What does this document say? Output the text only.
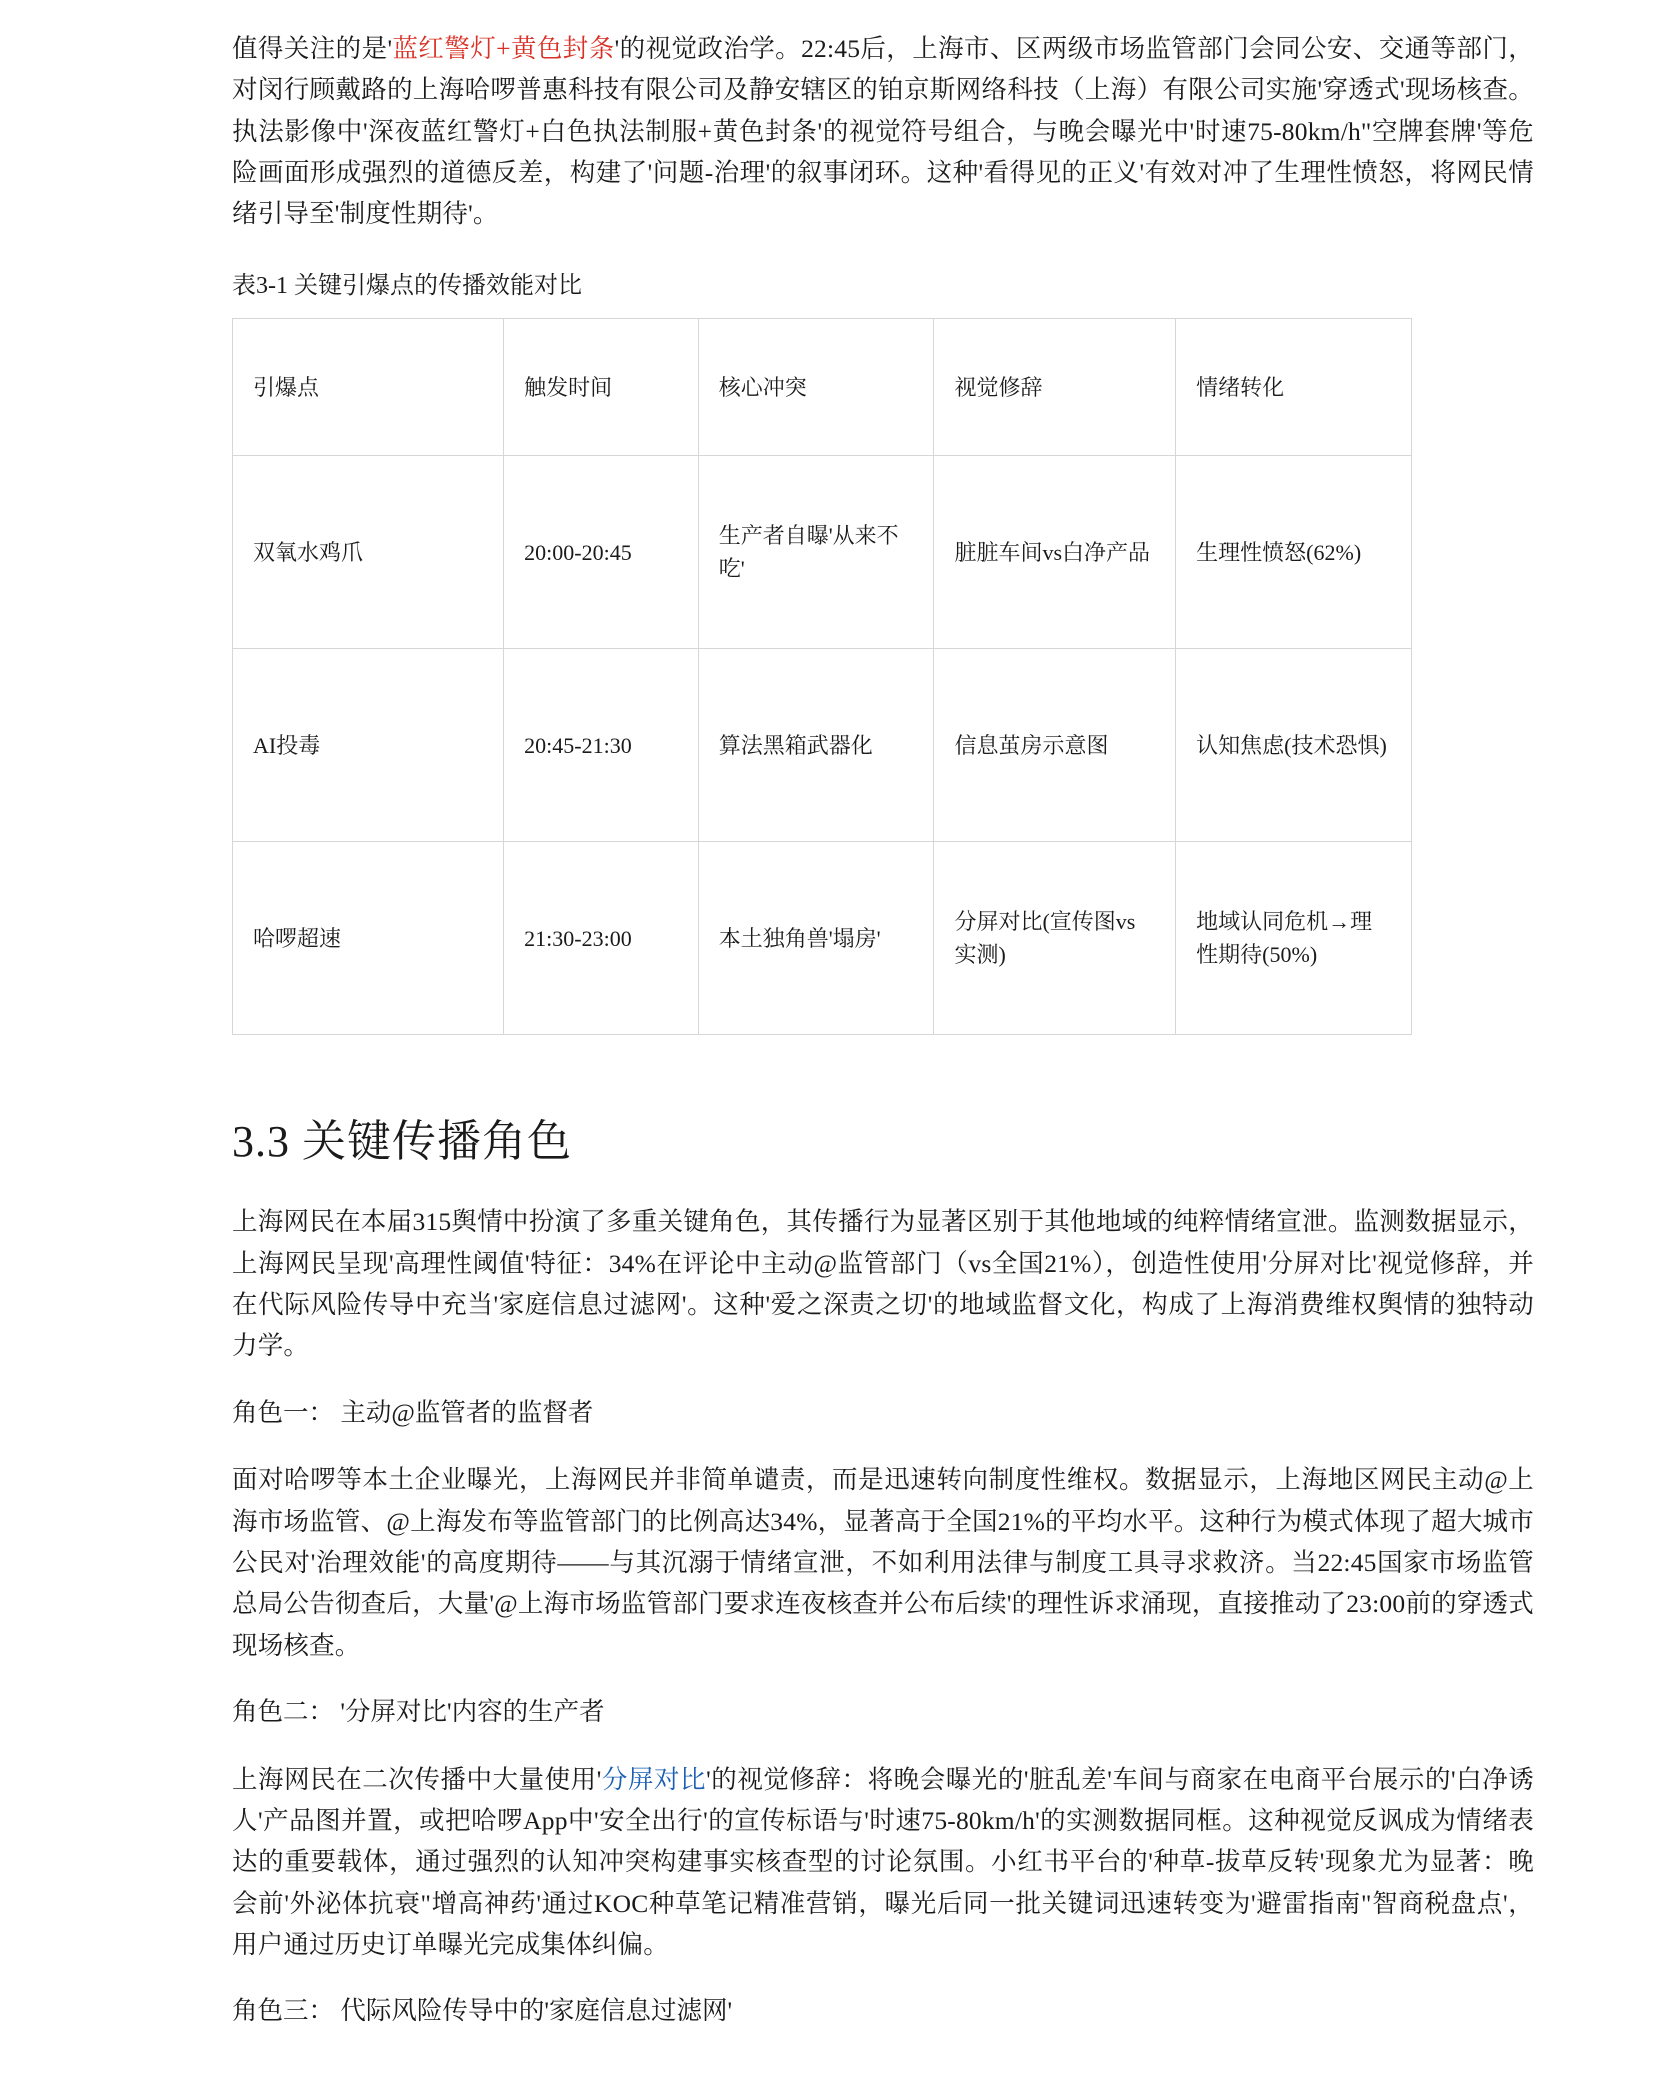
值得关注的是'蓝红警灯+黄色封条'的视觉政治学。22:45后，上海市、区两级市场监管部门会同公安、交通等部门，对闵行顾戴路的上海哈啰普惠科技有限公司及静安辖区的铂京斯网络科技（上海）有限公司实施'穿透式'现场核查。执法影像中'深夜蓝红警灯+白色执法制服+黄色封条'的视觉符号组合，与晚会曝光中'时速75-80km/h"空牌套牌'等危险画面形成强烈的道德反差，构建了'问题-治理'的叙事闭环。这种'看得见的正义'有效对冲了生理性愤怒，将网民情绪引导至'制度性期待'。

表3-1 关键引爆点的传播效能对比

引爆点	触发时间	核心冲突	视觉修辞	情绪转化
双氧水鸡爪	20:00-20:45	生产者自曝'从来不吃'	脏脏车间vs白净产品	生理性愤怒(62%)
AI投毒	20:45-21:30	算法黑箱武器化	信息茧房示意图	认知焦虑(技术恐惧)
哈啰超速	21:30-23:00	本土独角兽'塌房'	分屏对比(宣传图vs实测)	地域认同危机→理性期待(50%)
3.3 关键传播角色

上海网民在本届315舆情中扮演了多重关键角色，其传播行为显著区别于其他地域的纯粹情绪宣泄。监测数据显示，上海网民呈现'高理性阈值'特征：34%在评论中主动@监管部门（vs全国21%），创造性使用'分屏对比'视觉修辞，并在代际风险传导中充当'家庭信息过滤网'。这种'爱之深责之切'的地域监督文化，构成了上海消费维权舆情的独特动力学。

角色一： 主动@监管者的监督者

面对哈啰等本土企业曝光，上海网民并非简单谴责，而是迅速转向制度性维权。数据显示，上海地区网民主动@上海市场监管、@上海发布等监管部门的比例高达34%，显著高于全国21%的平均水平。这种行为模式体现了超大城市公民对'治理效能'的高度期待——与其沉溺于情绪宣泄，不如利用法律与制度工具寻求救济。当22:45国家市场监管总局公告彻查后，大量'@上海市场监管部门要求连夜核查并公布后续'的理性诉求涌现，直接推动了23:00前的穿透式现场核查。

角色二： '分屏对比'内容的生产者

上海网民在二次传播中大量使用'分屏对比'的视觉修辞：将晚会曝光的'脏乱差'车间与商家在电商平台展示的'白净诱人'产品图并置，或把哈啰App中'安全出行'的宣传标语与'时速75-80km/h'的实测数据同框。这种视觉反讽成为情绪表达的重要载体，通过强烈的认知冲突构建事实核查型的讨论氛围。小红书平台的'种草-拔草反转'现象尤为显著：晚会前'外泌体抗衰"增高神药'通过KOC种草笔记精准营销，曝光后同一批关键词迅速转变为'避雷指南"智商税盘点'，用户通过历史订单曝光完成集体纠偏。

角色三： 代际风险传导中的'家庭信息过滤网'
